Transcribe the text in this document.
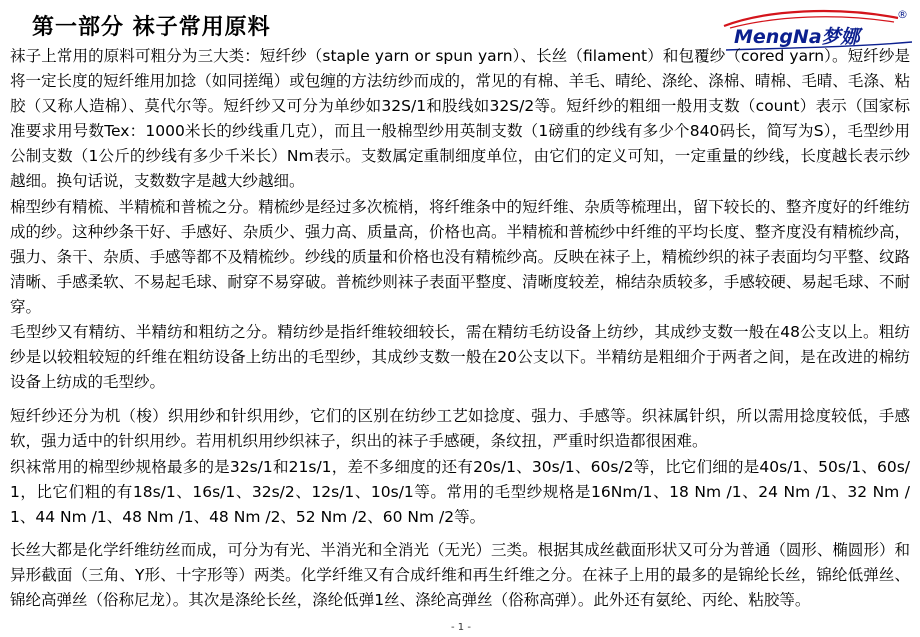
第一部分 袜子常用原料	MengNa梦娜
®

袜子上常用的原料可粗分为三大类：短纤纱（staple yarn or spun yarn）、长丝（filament）和包覆纱（cored yarn）。短纤纱是将一定长度的短纤维用加捻（如同搓绳）或包缠的方法纺纱而成的，常见的有棉、羊毛、晴纶、涤纶、涤棉、晴棉、毛晴、毛涤、粘胶（又称人造棉）、莫代尔等。短纤纱又可分为单纱如32S/1和股线如32S/2等。短纤纱的粗细一般用支数（count）表示（国家标准要求用号数Tex：1000米长的纱线重几克），而且一般棉型纱用英制支数（1磅重的纱线有多少个840码长，简写为S），毛型纱用公制支数（1公斤的纱线有多少千米长）Nm表示。支数属定重制细度单位，由它们的定义可知，一定重量的纱线，长度越长表示纱越细。换句话说，支数数字是越大纱越细。

棉型纱有精梳、半精梳和普梳之分。精梳纱是经过多次梳梢，将纤维条中的短纤维、杂质等梳理出，留下较长的、整齐度好的纤维纺成的纱。这种纱条干好、手感好、杂质少、强力高、质量高，价格也高。半精梳和普梳纱中纤维的平均长度、整齐度没有精梳纱高，强力、条干、杂质、手感等都不及精梳纱。纱线的质量和价格也没有精梳纱高。反映在袜子上，精梳纱织的袜子表面均匀平整、纹路清晰、手感柔软、不易起毛球、耐穿不易穿破。普梳纱则袜子表面平整度、清晰度较差，棉结杂质较多，手感较硬、易起毛球、不耐穿。

毛型纱又有精纺、半精纺和粗纺之分。精纺纱是指纤维较细较长，需在精纺毛纺设备上纺纱，其成纱支数一般在48公支以上。粗纺纱是以较粗较短的纤维在粗纺设备上纺出的毛型纱，其成纱支数一般在20公支以下。半精纺是粗细介于两者之间，是在改进的棉纺设备上纺成的毛型纱。

短纤纱还分为机（梭）织用纱和针织用纱，它们的区别在纺纱工艺如捻度、强力、手感等。织袜属针织，所以需用捻度较低，手感软，强力适中的针织用纱。若用机织用纱织袜子，织出的袜子手感硬，条纹扭，严重时织造都很困难。

织袜常用的棉型纱规格最多的是32s/1和21s/1，差不多细度的还有20s/1、30s/1、60s/2等，比它们细的是40s/1、50s/1、60s/1，比它们粗的有18s/1、16s/1、32s/2、12s/1、10s/1等。常用的毛型纱规格是16Nm/1、18 Nm /1、24 Nm /1、32 Nm /1、44 Nm /1、48 Nm /1、48 Nm /2、52 Nm /2、60 Nm /2等。

长丝大都是化学纤维纺丝而成，可分为有光、半消光和全消光（无光）三类。根据其成丝截面形状又可分为普通（圆形、椭圆形）和异形截面（三角、Y形、十字形等）两类。化学纤维又有合成纤维和再生纤维之分。在袜子上用的最多的是锦纶长丝，锦纶低弹丝、锦纶高弹丝（俗称尼龙）。其次是涤纶长丝，涤纶低弹1丝、涤纶高弹丝（俗称高弹）。此外还有氨纶、丙纶、粘胶等。

- 1 -
